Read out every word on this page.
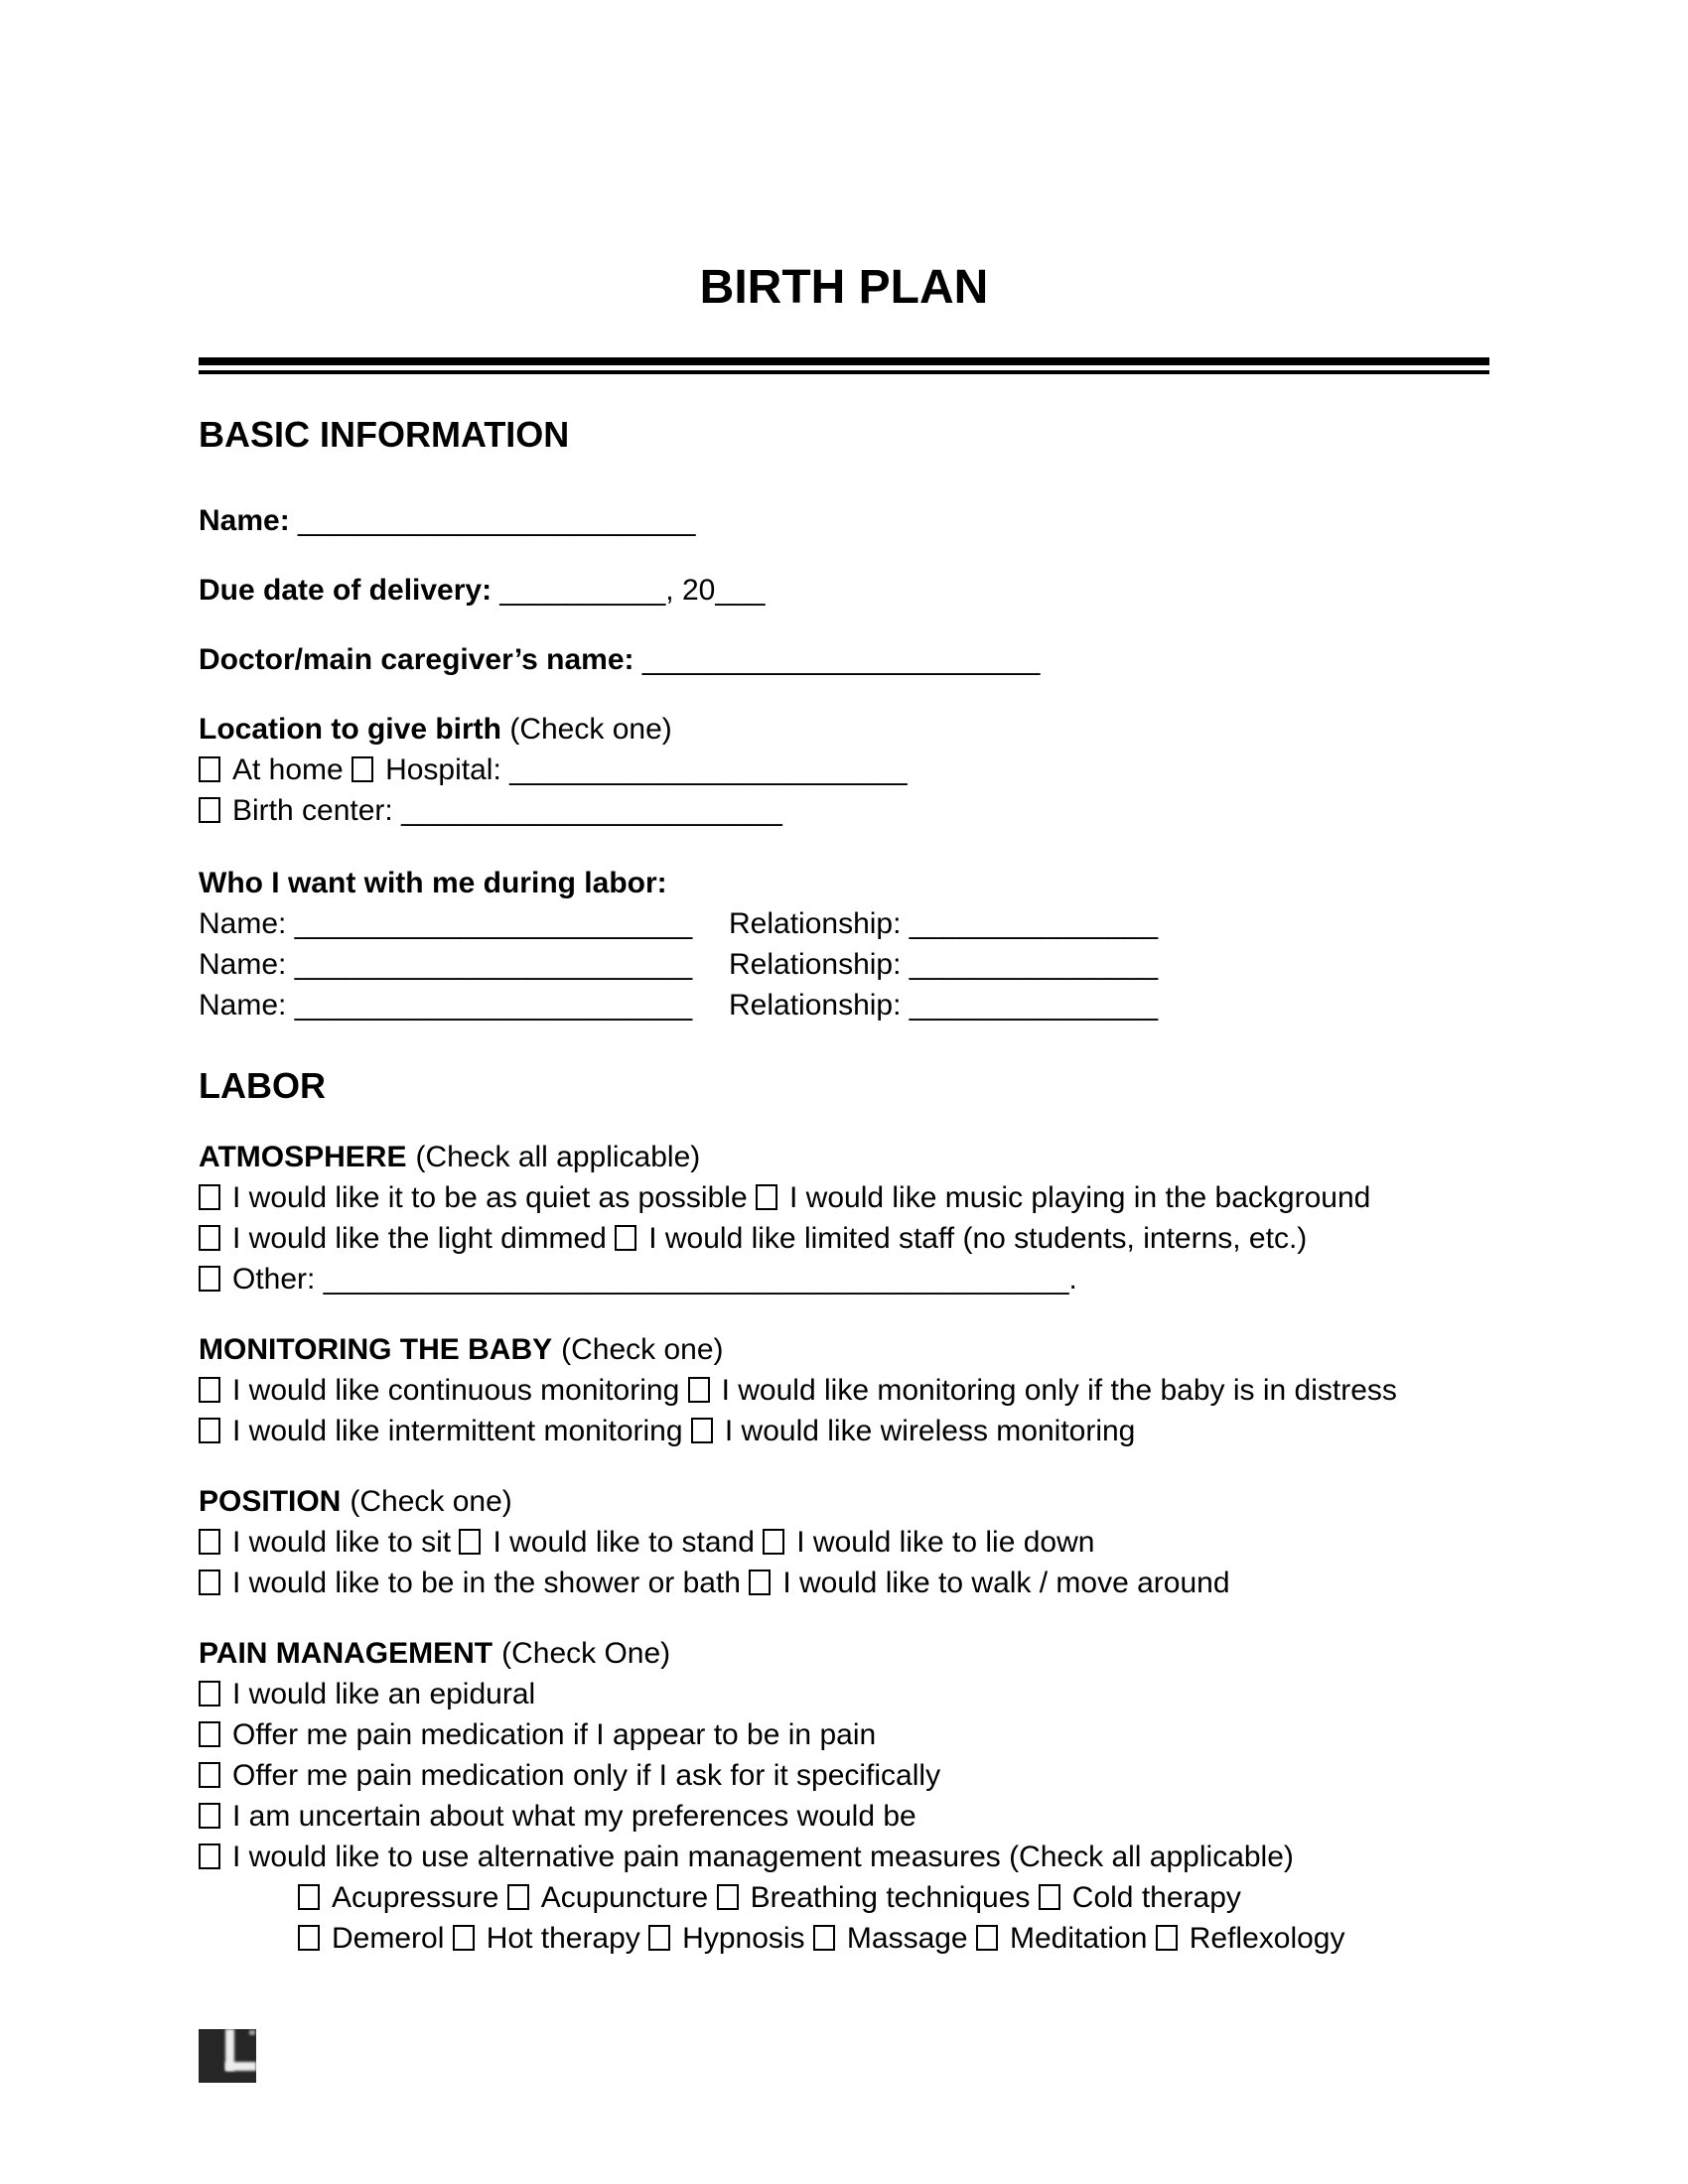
BIRTH PLAN
BASIC INFORMATION

Name: ________________________

Due date of delivery: __________, 20___

Doctor/main caregiver’s name: ________________________

Location to give birth (Check one)

At home Hospital: ________________________

Birth center: _______________________

Who I want with me during labor:

Name: ________________________ Relationship: _______________

Name: ________________________ Relationship: _______________

Name: ________________________ Relationship: _______________

LABOR

ATMOSPHERE (Check all applicable)

I would like it to be as quiet as possible I would like music playing in the background

I would like the light dimmed I would like limited staff (no students, interns, etc.)

Other: _____________________________________________.

MONITORING THE BABY (Check one)

I would like continuous monitoring I would like monitoring only if the baby is in distress

I would like intermittent monitoring I would like wireless monitoring

POSITION (Check one)

I would like to sit I would like to stand I would like to lie down

I would like to be in the shower or bath I would like to walk / move around

PAIN MANAGEMENT (Check One)

I would like an epidural

Offer me pain medication if I appear to be in pain

Offer me pain medication only if I ask for it specifically

I am uncertain about what my preferences would be

I would like to use alternative pain management measures (Check all applicable)

Acupressure Acupuncture Breathing techniques Cold therapy

Demerol Hot therapy Hypnosis Massage Meditation Reflexology
